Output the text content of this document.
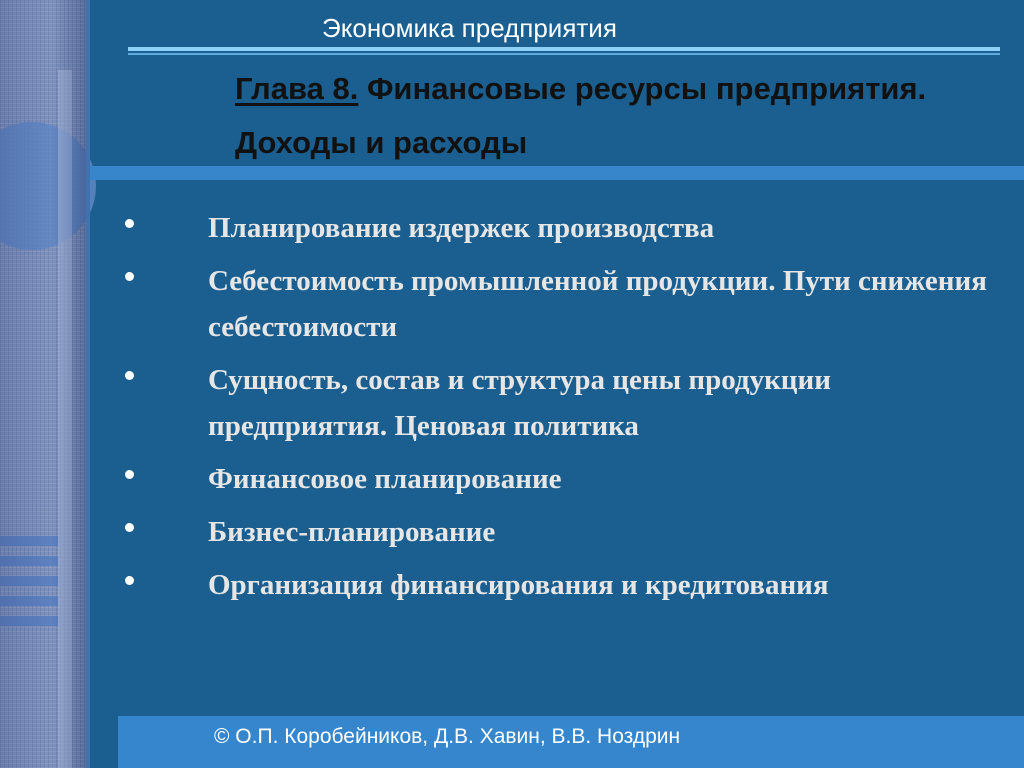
Экономика предприятия
Глава 8. Финансовые ресурсы предприятия. Доходы и расходы
Планирование издержек производства
Себестоимость промышленной продукции. Пути снижения себестоимости
Сущность, состав и структура цены продукции предприятия. Ценовая политика
Финансовое планирование
Бизнес-планирование
Организация финансирования и кредитования
© О.П. Коробейников, Д.В. Хавин, В.В. Ноздрин
